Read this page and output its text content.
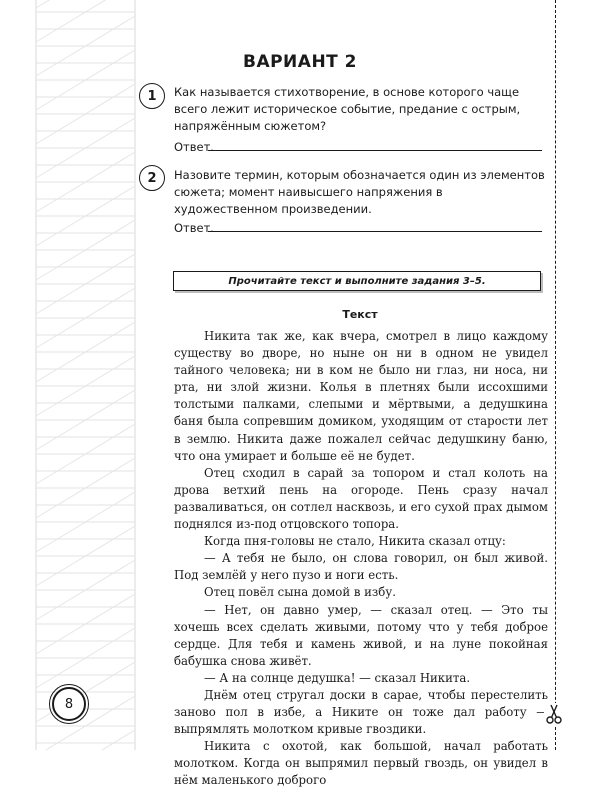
ВАРИАНТ 2
1	Как называется стихотворение, в основе которого чаще всего лежит историческое событие, предание с острым, напряжённым сюжетом?
Ответ.
2	Назовите термин, которым обозначается один из элементов сюжета; момент наивысшего напряжения в художественном произведении.
Ответ.
Прочитайте текст и выполните задания 3–5.
Текст

Никита так же, как вчера, смотрел в лицо каждому существу во дворе, но ныне он ни в одном не увидел тайного человека; ни в ком не было ни глаз, ни носа, ни рта, ни злой жизни. Колья в плетнях были иссохшими толстыми палками, слепыми и мёртвыми, а дедушкина баня была сопревшим домиком, уходящим от старости лет в землю. Никита даже пожалел сейчас дедушкину баню, что она умирает и больше её не будет.

Отец сходил в сарай за топором и стал колоть на дрова ветхий пень на огороде. Пень сразу начал разваливаться, он сотлел насквозь, и его сухой прах дымом поднялся из-под отцовского топора.

Когда пня-головы не стало, Никита сказал отцу:

— А тебя не было, он слова говорил, он был живой. Под землёй у него пузо и ноги есть.

Отец повёл сына домой в избу.

— Нет, он давно умер, — сказал отец. — Это ты хочешь всех сделать живыми, потому что у тебя доброе сердце. Для тебя и камень живой, и на луне покойная бабушка снова живёт.

— А на солнце дедушка! — сказал Никита.

Днём отец стругал доски в сарае, чтобы перестелить заново пол в избе, а Никите он тоже дал работу — выпрямлять молотком кривые гвоздики.

Никита с охотой, как большой, начал работать молотком. Когда он выпрямил первый гвоздь, он увидел в нём маленького доброго

8
